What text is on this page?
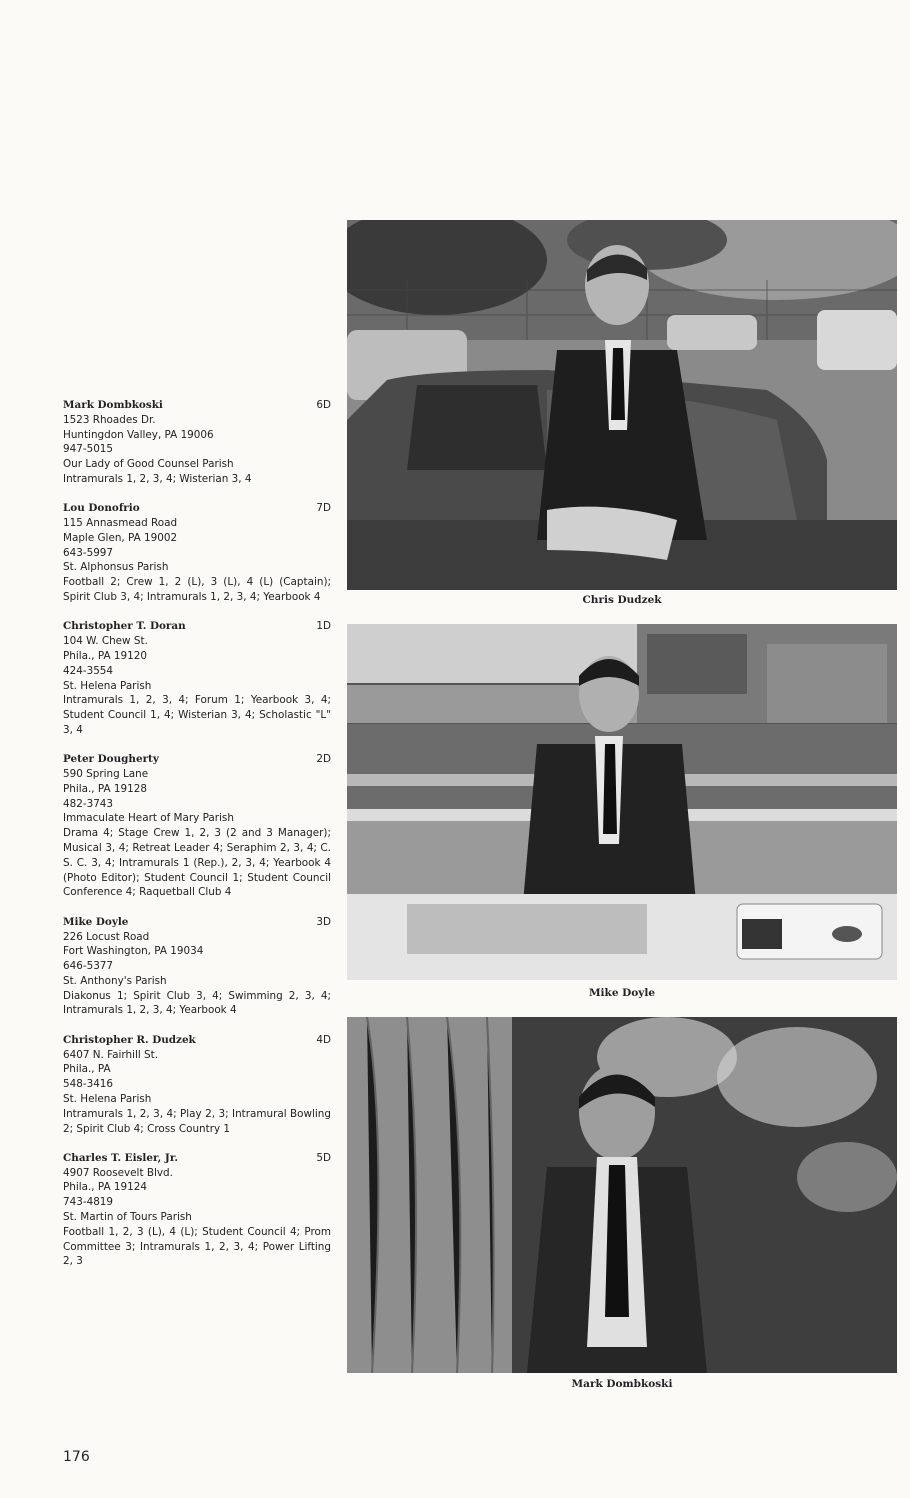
Mark Dombkoski	6D
1523 Rhoades Dr.
Huntingdon Valley, PA 19006
947-5015
Our Lady of Good Counsel Parish
Intramurals 1, 2, 3, 4; Wisterian 3, 4
Lou Donofrio	7D
115 Annasmead Road
Maple Glen, PA 19002
643-5997
St. Alphonsus Parish
Football 2; Crew 1, 2 (L), 3 (L), 4 (L) (Captain); Spirit Club 3, 4; Intramurals 1, 2, 3, 4; Yearbook 4
Christopher T. Doran	1D
104 W. Chew St.
Phila., PA 19120
424-3554
St. Helena Parish
Intramurals 1, 2, 3, 4; Forum 1; Yearbook 3, 4; Student Council 1, 4; Wisterian 3, 4; Scholastic "L" 3, 4
Peter Dougherty	2D
590 Spring Lane
Phila., PA 19128
482-3743
Immaculate Heart of Mary Parish
Drama 4; Stage Crew 1, 2, 3 (2 and 3 Manager); Musical 3, 4; Retreat Leader 4; Seraphim 2, 3, 4; C. S. C. 3, 4; Intramurals 1 (Rep.), 2, 3, 4; Yearbook 4 (Photo Editor); Student Council 1; Student Council Conference 4; Raquetball Club 4
Mike Doyle	3D
226 Locust Road
Fort Washington, PA 19034
646-5377
St. Anthony's Parish
Diakonus 1; Spirit Club 3, 4; Swimming 2, 3, 4; Intramurals 1, 2, 3, 4; Yearbook 4
Christopher R. Dudzek	4D
6407 N. Fairhill St.
Phila., PA
548-3416
St. Helena Parish
Intramurals 1, 2, 3, 4; Play 2, 3; Intramural Bowling 2; Spirit Club 4; Cross Country 1
Charles T. Eisler, Jr.	5D
4907 Roosevelt Blvd.
Phila., PA 19124
743-4819
St. Martin of Tours Parish
Football 1, 2, 3 (L), 4 (L); Student Council 4; Prom Committee 3; Intramurals 1, 2, 3, 4; Power Lifting 2, 3
Chris Dudzek
Mike Doyle
Mark Dombkoski
176
